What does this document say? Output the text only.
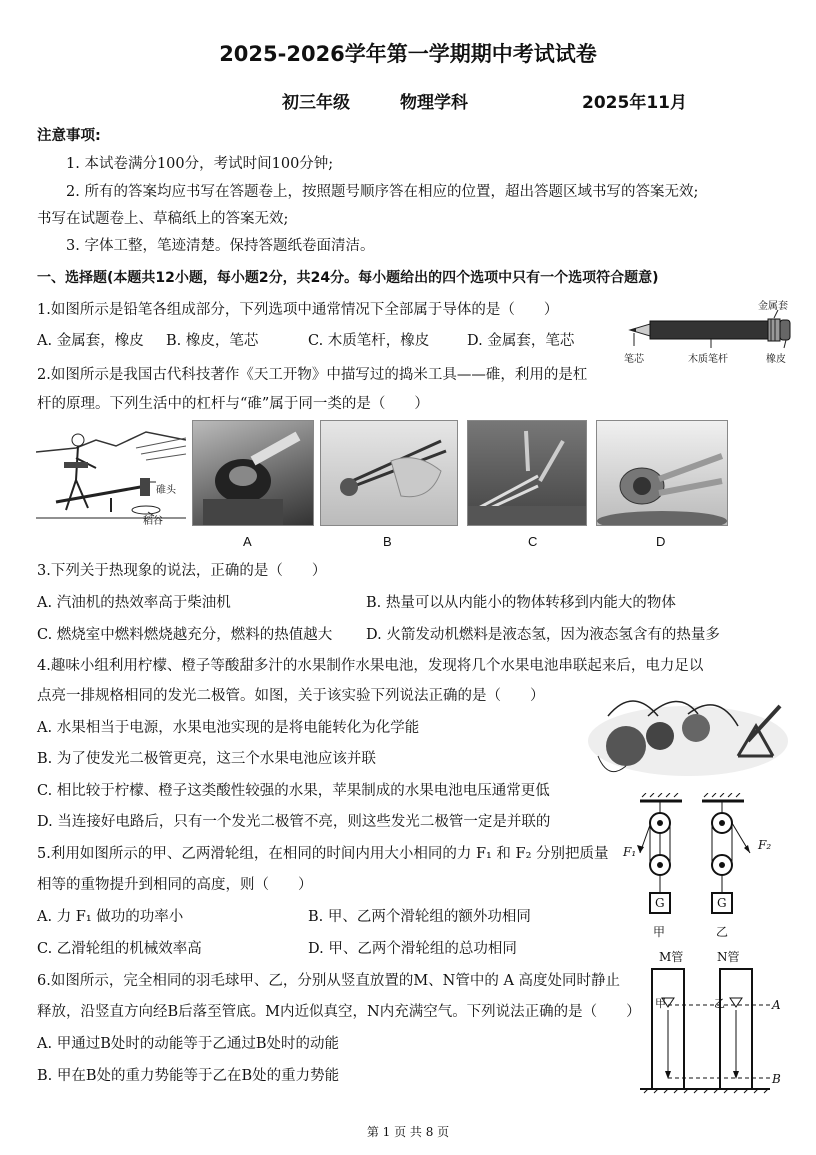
2025-2026学年第一学期期中考试试卷
初三年级	物理学科	2025年11月
注意事项:
1. 本试卷满分100分，考试时间100分钟;
2. 所有的答案均应书写在答题卷上，按照题号顺序答在相应的位置，超出答题区域书写的答案无效;
书写在试题卷上、草稿纸上的答案无效;
3. 字体工整，笔迹清楚。保持答题纸卷面清洁。
一、选择题(本题共12小题，每小题2分，共24分。每小题给出的四个选项中只有一个选项符合题意)
1.如图所示是铅笔各组成部分，下列选项中通常情况下全部属于导体的是（　　）
A. 金属套，橡皮 B. 橡皮，笔芯	C. 木质笔杆，橡皮	D. 金属套，笔芯
金属套
笔芯	木质笔杆	橡皮
2.如图所示是我国古代科技著作《天工开物》中描写过的捣米工具——碓，利用的是杠
杆的原理。下列生活中的杠杆与“碓”属于同一类的是（　　）
碓头
稻谷
A	B	C	D
3.下列关于热现象的说法，正确的是（　　）
A. 汽油机的热效率高于柴油机	B. 热量可以从内能小的物体转移到内能大的物体
C. 燃烧室中燃料燃烧越充分，燃料的热值越大 D. 火箭发动机燃料是液态氢，因为液态氢含有的热量多
4.趣味小组利用柠檬、橙子等酸甜多汁的水果制作水果电池，发现将几个水果电池串联起来后，电力足以
点亮一排规格相同的发光二极管。如图，关于该实验下列说法正确的是（　　）
A. 水果相当于电源，水果电池实现的是将电能转化为化学能
B. 为了使发光二极管更亮，这三个水果电池应该并联
C. 相比较于柠檬、橙子这类酸性较强的水果，苹果制成的水果电池电压通常更低
D. 当连接好电路后，只有一个发光二极管不亮，则这些发光二极管一定是并联的
5.利用如图所示的甲、乙两滑轮组，在相同的时间内用大小相同的力 F₁ 和 F₂ 分别把质量
相等的重物提升到相同的高度，则（　　）
A. 力 F₁ 做功的功率小	B. 甲、乙两个滑轮组的额外功相同
C. 乙滑轮组的机械效率高	D. 甲、乙两个滑轮组的总功相同
F₁	F₂
G	G
甲	乙
6.如图所示，完全相同的羽毛球甲、乙，分别从竖直放置的M、N管中的 A 高度处同时静止
释放，沿竖直方向经B后落至管底。M内近似真空，N内充满空气。下列说法正确的是（　　）
A. 甲通过B处时的动能等于乙通过B处时的动能
B. 甲在B处的重力势能等于乙在B处的重力势能
M管	N管
甲	乙	A
B
第 1 页 共 8 页
